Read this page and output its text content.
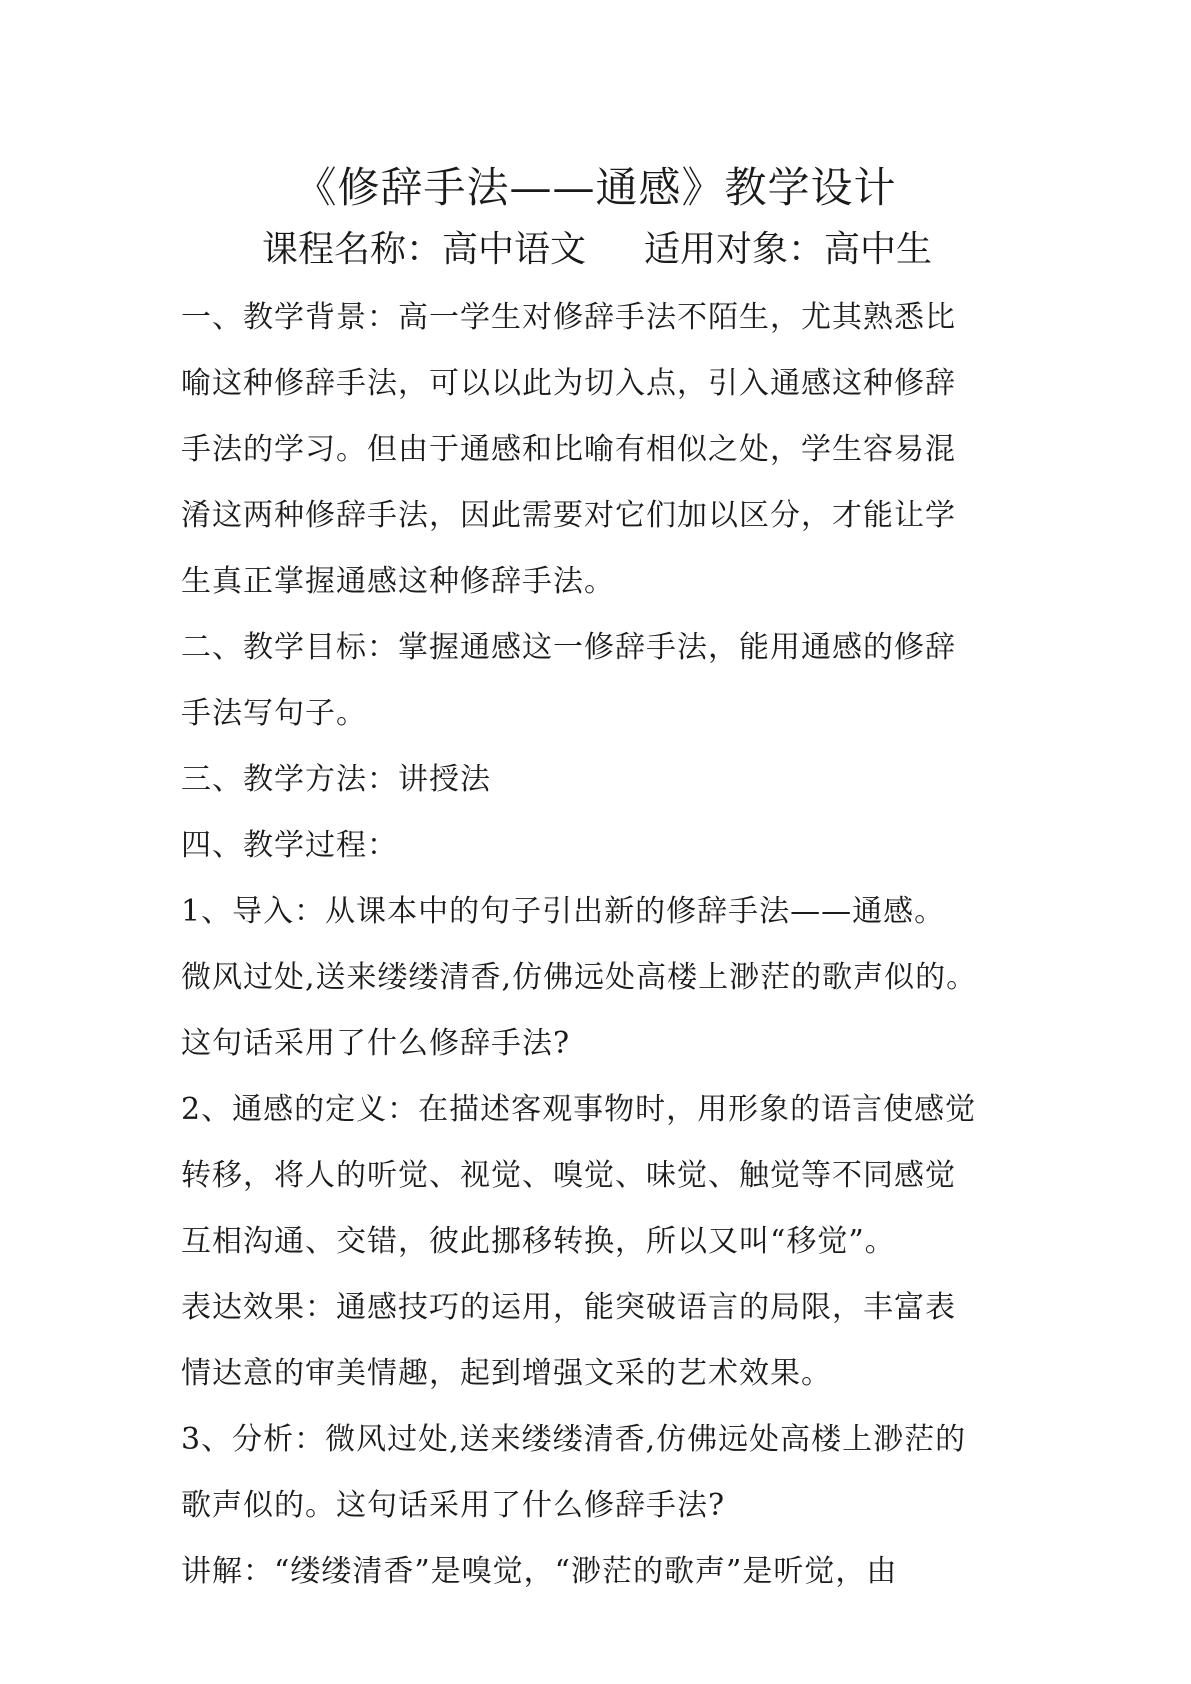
《修辞手法——通感》教学设计
课程名称：高中语文 适用对象：高中生
一、教学背景：高一学生对修辞手法不陌生，尤其熟悉比
喻这种修辞手法，可以以此为切入点，引入通感这种修辞
手法的学习。但由于通感和比喻有相似之处，学生容易混
淆这两种修辞手法，因此需要对它们加以区分，才能让学
生真正掌握通感这种修辞手法。
二、教学目标：掌握通感这一修辞手法，能用通感的修辞
手法写句子。
三、教学方法：讲授法
四、教学过程：
1、导入：从课本中的句子引出新的修辞手法——通感。
微风过处,送来缕缕清香,仿佛远处高楼上渺茫的歌声似的。
这句话采用了什么修辞手法?
2、通感的定义：在描述客观事物时，用形象的语言使感觉
转移，将人的听觉、视觉、嗅觉、味觉、触觉等不同感觉
互相沟通、交错，彼此挪移转换，所以又叫“移觉”。
表达效果：通感技巧的运用，能突破语言的局限，丰富表
情达意的审美情趣，起到增强文采的艺术效果。
3、分析：微风过处,送来缕缕清香,仿佛远处高楼上渺茫的
歌声似的。这句话采用了什么修辞手法?
讲解：“缕缕清香”是嗅觉，“渺茫的歌声”是听觉，由
